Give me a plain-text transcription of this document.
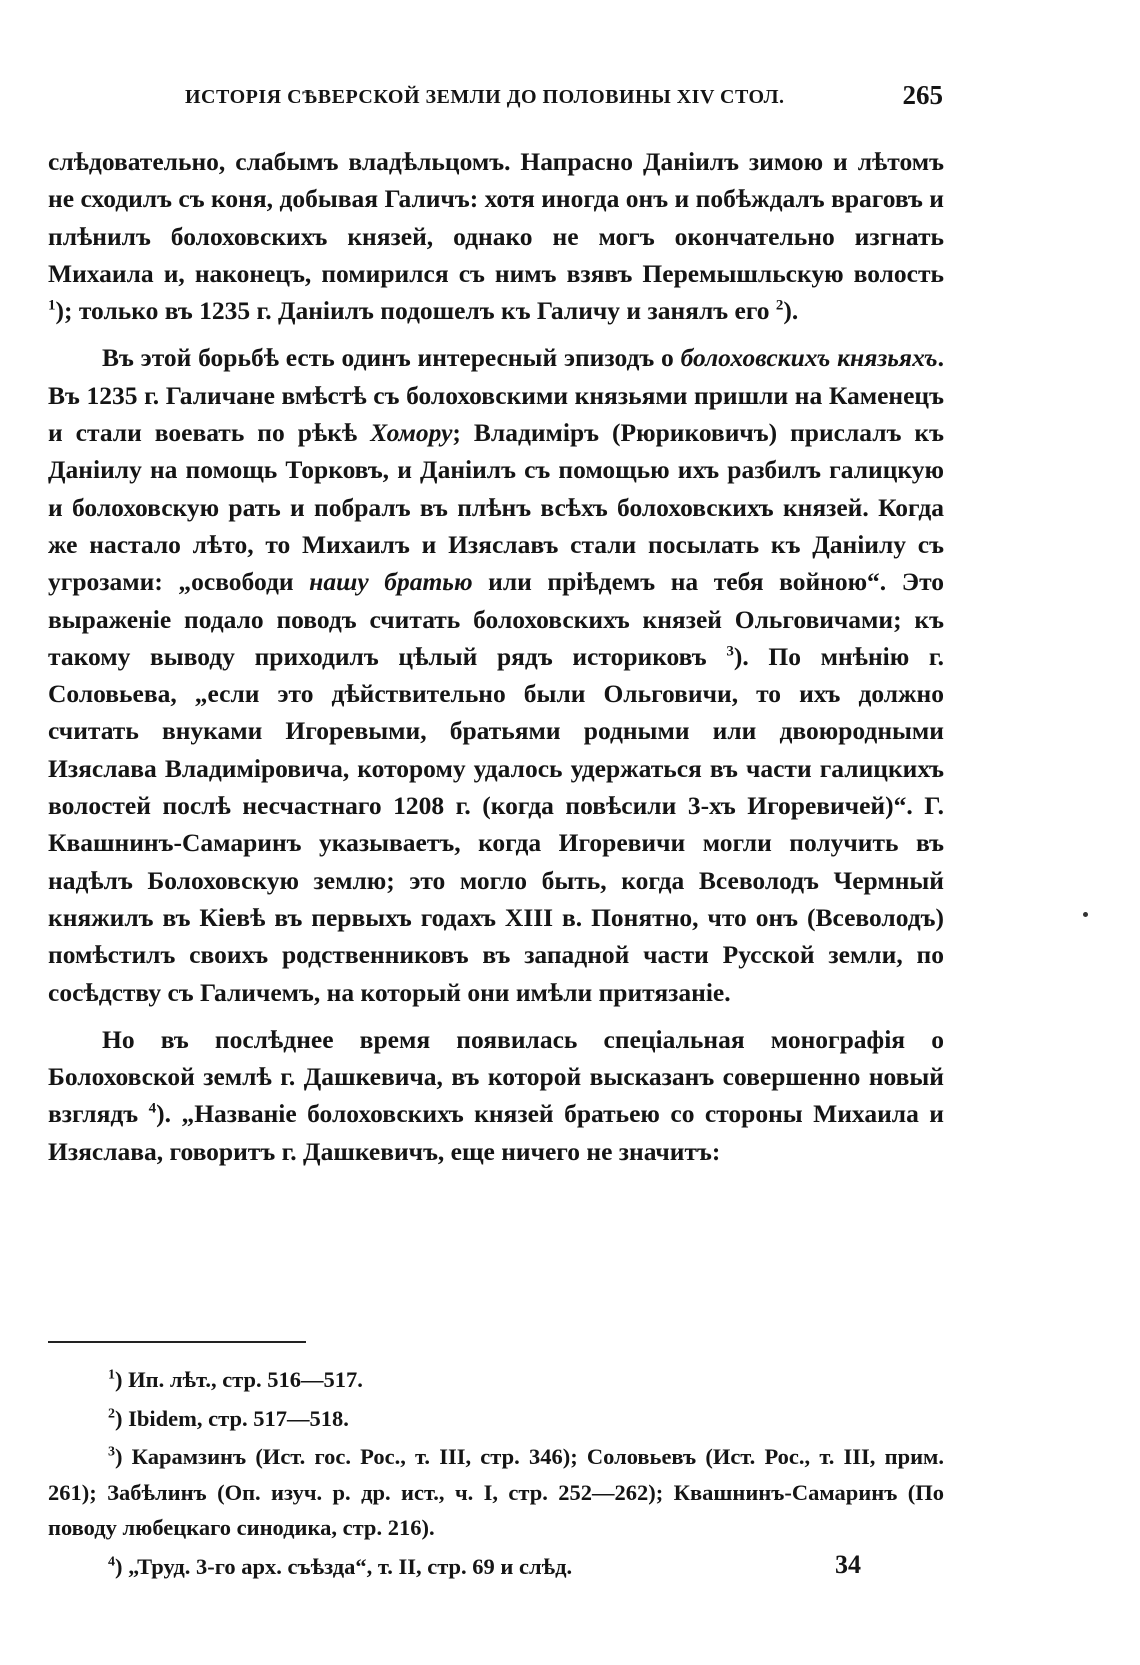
ИСТОРІЯ СѢВЕРСКОЙ ЗЕМЛИ ДО ПОЛОВИНЫ XIV СТОЛ.	265

слѣдовательно, слабымъ владѣльцомъ. Напрасно Даніилъ зимою и лѣтомъ не сходилъ съ коня, добывая Галичъ: хотя иногда онъ и побѣждалъ враговъ и плѣнилъ болоховскихъ князей, однако не могъ окончательно изгнать Михаила и, наконецъ, помирился съ нимъ взявъ Перемышльскую волость $^1$); только въ 1235 г. Даніилъ подошелъ къ Галичу и занялъ его $^2$).

Въ этой борьбѣ есть одинъ интересный эпизодъ о болоховскихъ князьяхъ. Въ 1235 г. Галичане вмѣстѣ съ болоховскими князьями пришли на Каменецъ и стали воевать по рѣкѣ Хомору; Владиміръ (Рюриковичъ) прислалъ къ Даніилу на помощь Торковъ, и Даніилъ съ помощью ихъ разбилъ галицкую и болоховскую рать и побралъ въ плѣнъ всѣхъ болоховскихъ князей. Когда же настало лѣто, то Михаилъ и Изяславъ стали посылать къ Даніилу съ угрозами: „освободи нашу братью или пріѣдемъ на тебя войною“. Это выраженіе подало поводъ считать болоховскихъ князей Ольговичами; къ такому выводу приходилъ цѣлый рядъ историковъ $^3$). По мнѣнію г. Соловьева, „если это дѣйствительно были Ольговичи, то ихъ должно считать внуками Игоревыми, братьями родными или двоюродными Изяслава Владиміровича, которому удалось удержаться въ части галицкихъ волостей послѣ несчастнаго 1208 г. (когда повѣсили 3-хъ Игоревичей)“. Г. Квашнинъ-Самаринъ указываетъ, когда Игоревичи могли получить въ надѣлъ Болоховскую землю; это могло быть, когда Всеволодъ Чермный княжилъ въ Кіевѣ въ первыхъ годахъ XIII в. Понятно, что онъ (Всеволодъ) помѣстилъ своихъ родственниковъ въ западной части Русской земли, по сосѣдству съ Галичемъ, на который они имѣли притязаніе.

Но въ послѣднее время появилась спеціальная монографія о Болоховской землѣ г. Дашкевича, въ которой высказанъ совершенно новый взглядъ $^4$). „Названіе болоховскихъ князей братьею со стороны Михаила и Изяслава, говоритъ г. Дашкевичъ, еще ничего не значитъ:

$^1$) Ип. лѣт., стр. 516—517.

$^2$) Ibidem, стр. 517—518.

$^3$) Карамзинъ (Ист. гос. Рос., т. III, стр. 346); Соловьевъ (Ист. Рос., т. III, прим. 261); Забѣлинъ (Оп. изуч. р. др. ист., ч. I, стр. 252—262); Квашнинъ-Самаринъ (По поводу любецкаго синодика, стр. 216).

$^4$) „Труд. 3-го арх. съѣзда“, т. II, стр. 69 и слѣд.	34
